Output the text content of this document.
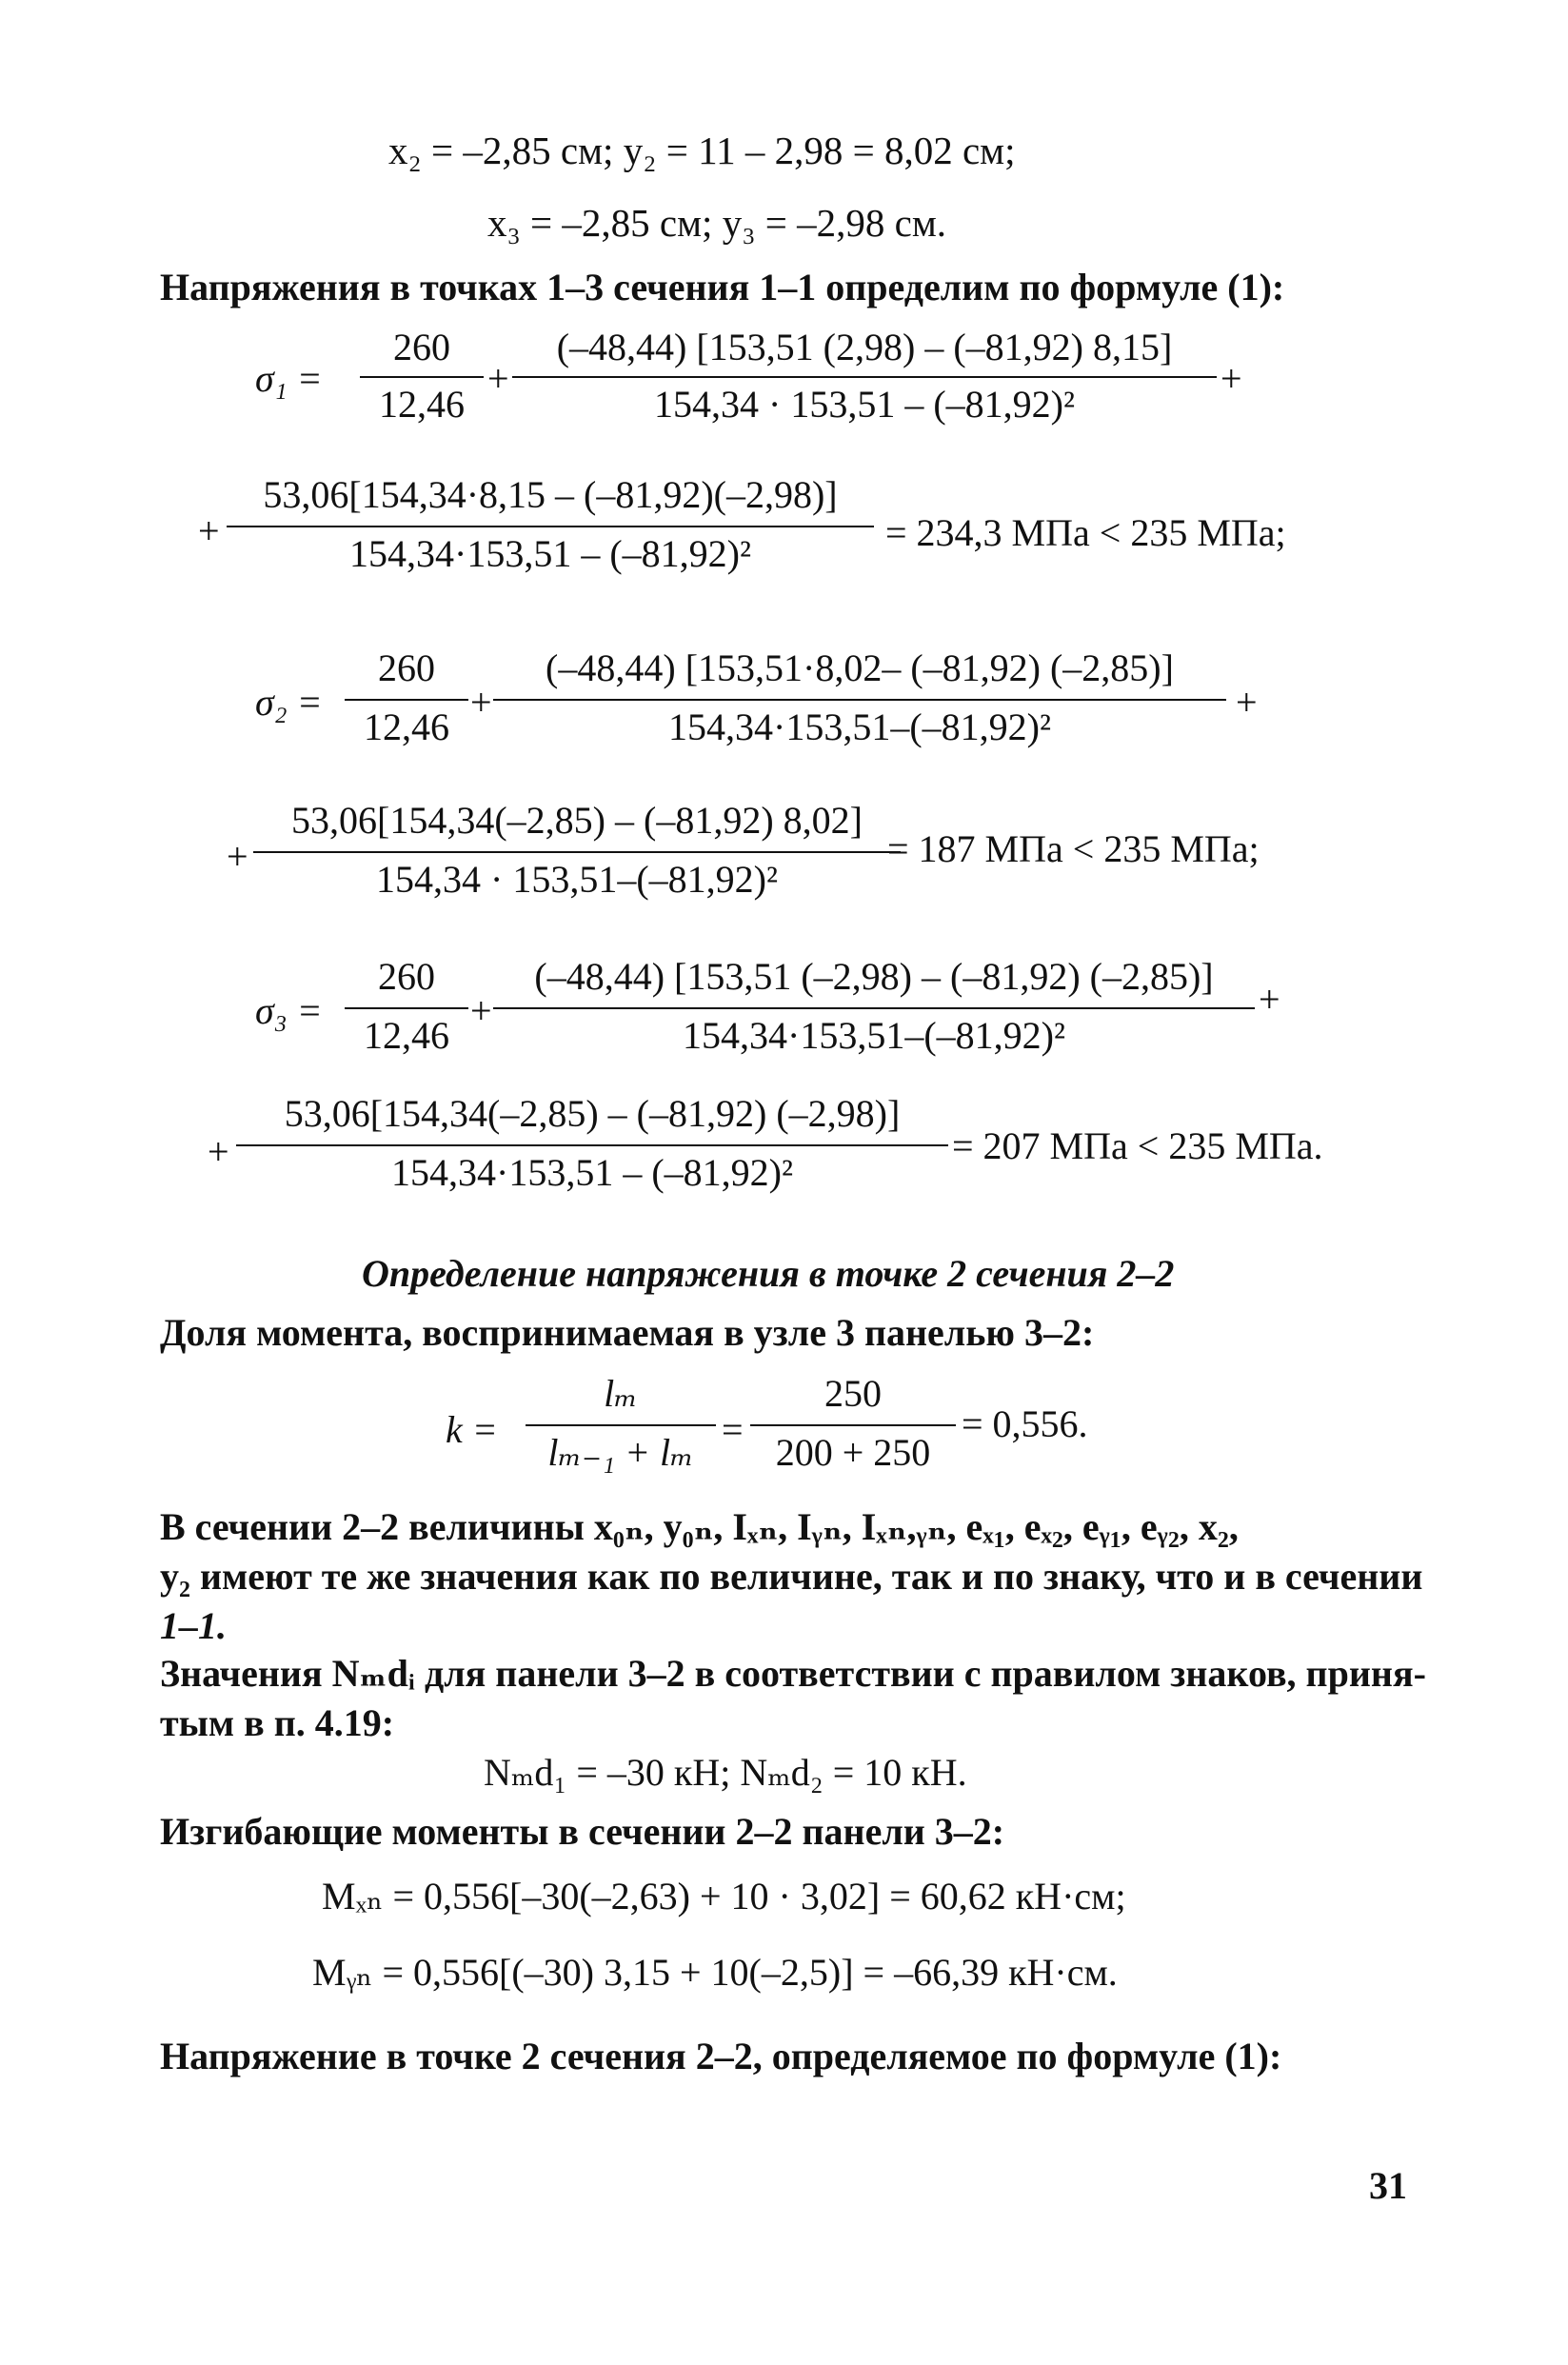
x₂ = –2,85 см; y₂ = 11 – 2,98 = 8,02 см;
x₃ = –2,85 см; y₃ = –2,98 см.
Напряжения в точках 1–3 сечения 1–1 определим по формуле (1):
σ₁ =
260
12,46
+
(–48,44) [153,51 (2,98) – (–81,92) 8,15]
154,34 · 153,51 – (–81,92)²
+
+
53,06[154,34·8,15 – (–81,92)(–2,98)]
154,34·153,51 – (–81,92)²	= 234,3 МПа < 235 МПа;
σ₂ =
260
12,46
+
(–48,44) [153,51·8,02– (–81,92) (–2,85)]
154,34·153,51–(–81,92)²
+
+
53,06[154,34(–2,85) – (–81,92) 8,02]
154,34 · 153,51–(–81,92)²
= 187 МПа < 235 МПа;
σ₃ =
260
12,46
+
(–48,44) [153,51 (–2,98) – (–81,92) (–2,85)]
154,34·153,51–(–81,92)²
+
+
53,06[154,34(–2,85) – (–81,92) (–2,98)]
154,34·153,51 – (–81,92)²
= 207 МПа < 235 МПа.
Определение напряжения в точке 2 сечения 2–2
Доля момента, воспринимаемая в узле 3 панелью 3–2:
k =
lₘ
lₘ₋₁ + lₘ
=
250
200 + 250
= 0,556.
В сечении 2–2 величины x₀ₙ, y₀ₙ, Iₓₙ, Iᵧₙ, Iₓₙ,ᵧₙ, eₓ₁, eₓ₂, eᵧ₁, eᵧ₂, x₂,
y₂ имеют те же значения как по величине, так и по знаку, что и в сечении
1–1.
Значения Nₘdᵢ для панели 3–2 в соответствии с правилом знаков, приня-
тым в п. 4.19:
Nₘd₁ = –30 кН; Nₘd₂ = 10 кН.
Изгибающие моменты в сечении 2–2 панели 3–2:
Mₓₙ = 0,556[–30(–2,63) + 10 · 3,02] = 60,62 кН·см;
Mᵧₙ = 0,556[(–30) 3,15 + 10(–2,5)] = –66,39 кН·см.
Напряжение в точке 2 сечения 2–2, определяемое по формуле (1):
31
